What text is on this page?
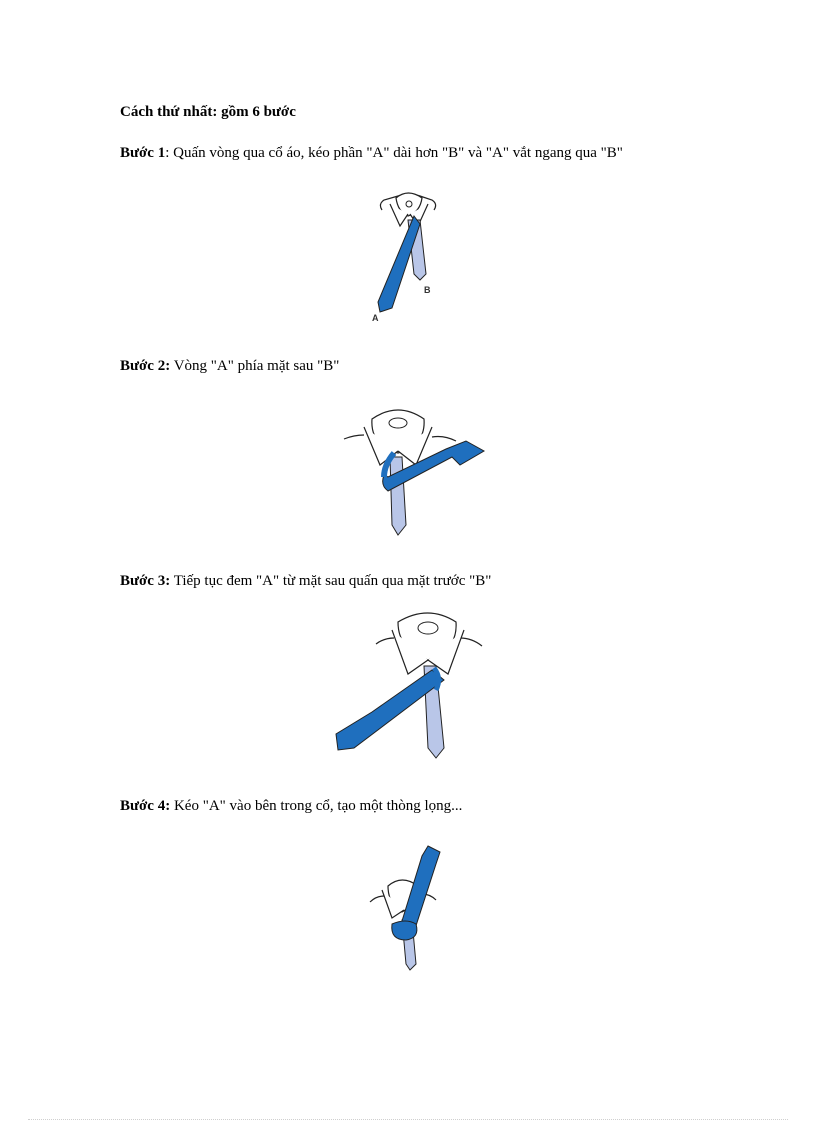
Cách thứ nhất: gồm 6 bước
Bước 1: Quấn vòng qua cổ áo, kéo phần "A" dài hơn "B" và "A" vắt ngang qua "B"
B
A
Bước 2: Vòng "A" phía mặt sau "B"
Bước 3: Tiếp tục đem "A" từ mặt sau quấn qua mặt trước "B"
Bước 4: Kéo "A" vào bên trong cổ, tạo một thòng lọng...
